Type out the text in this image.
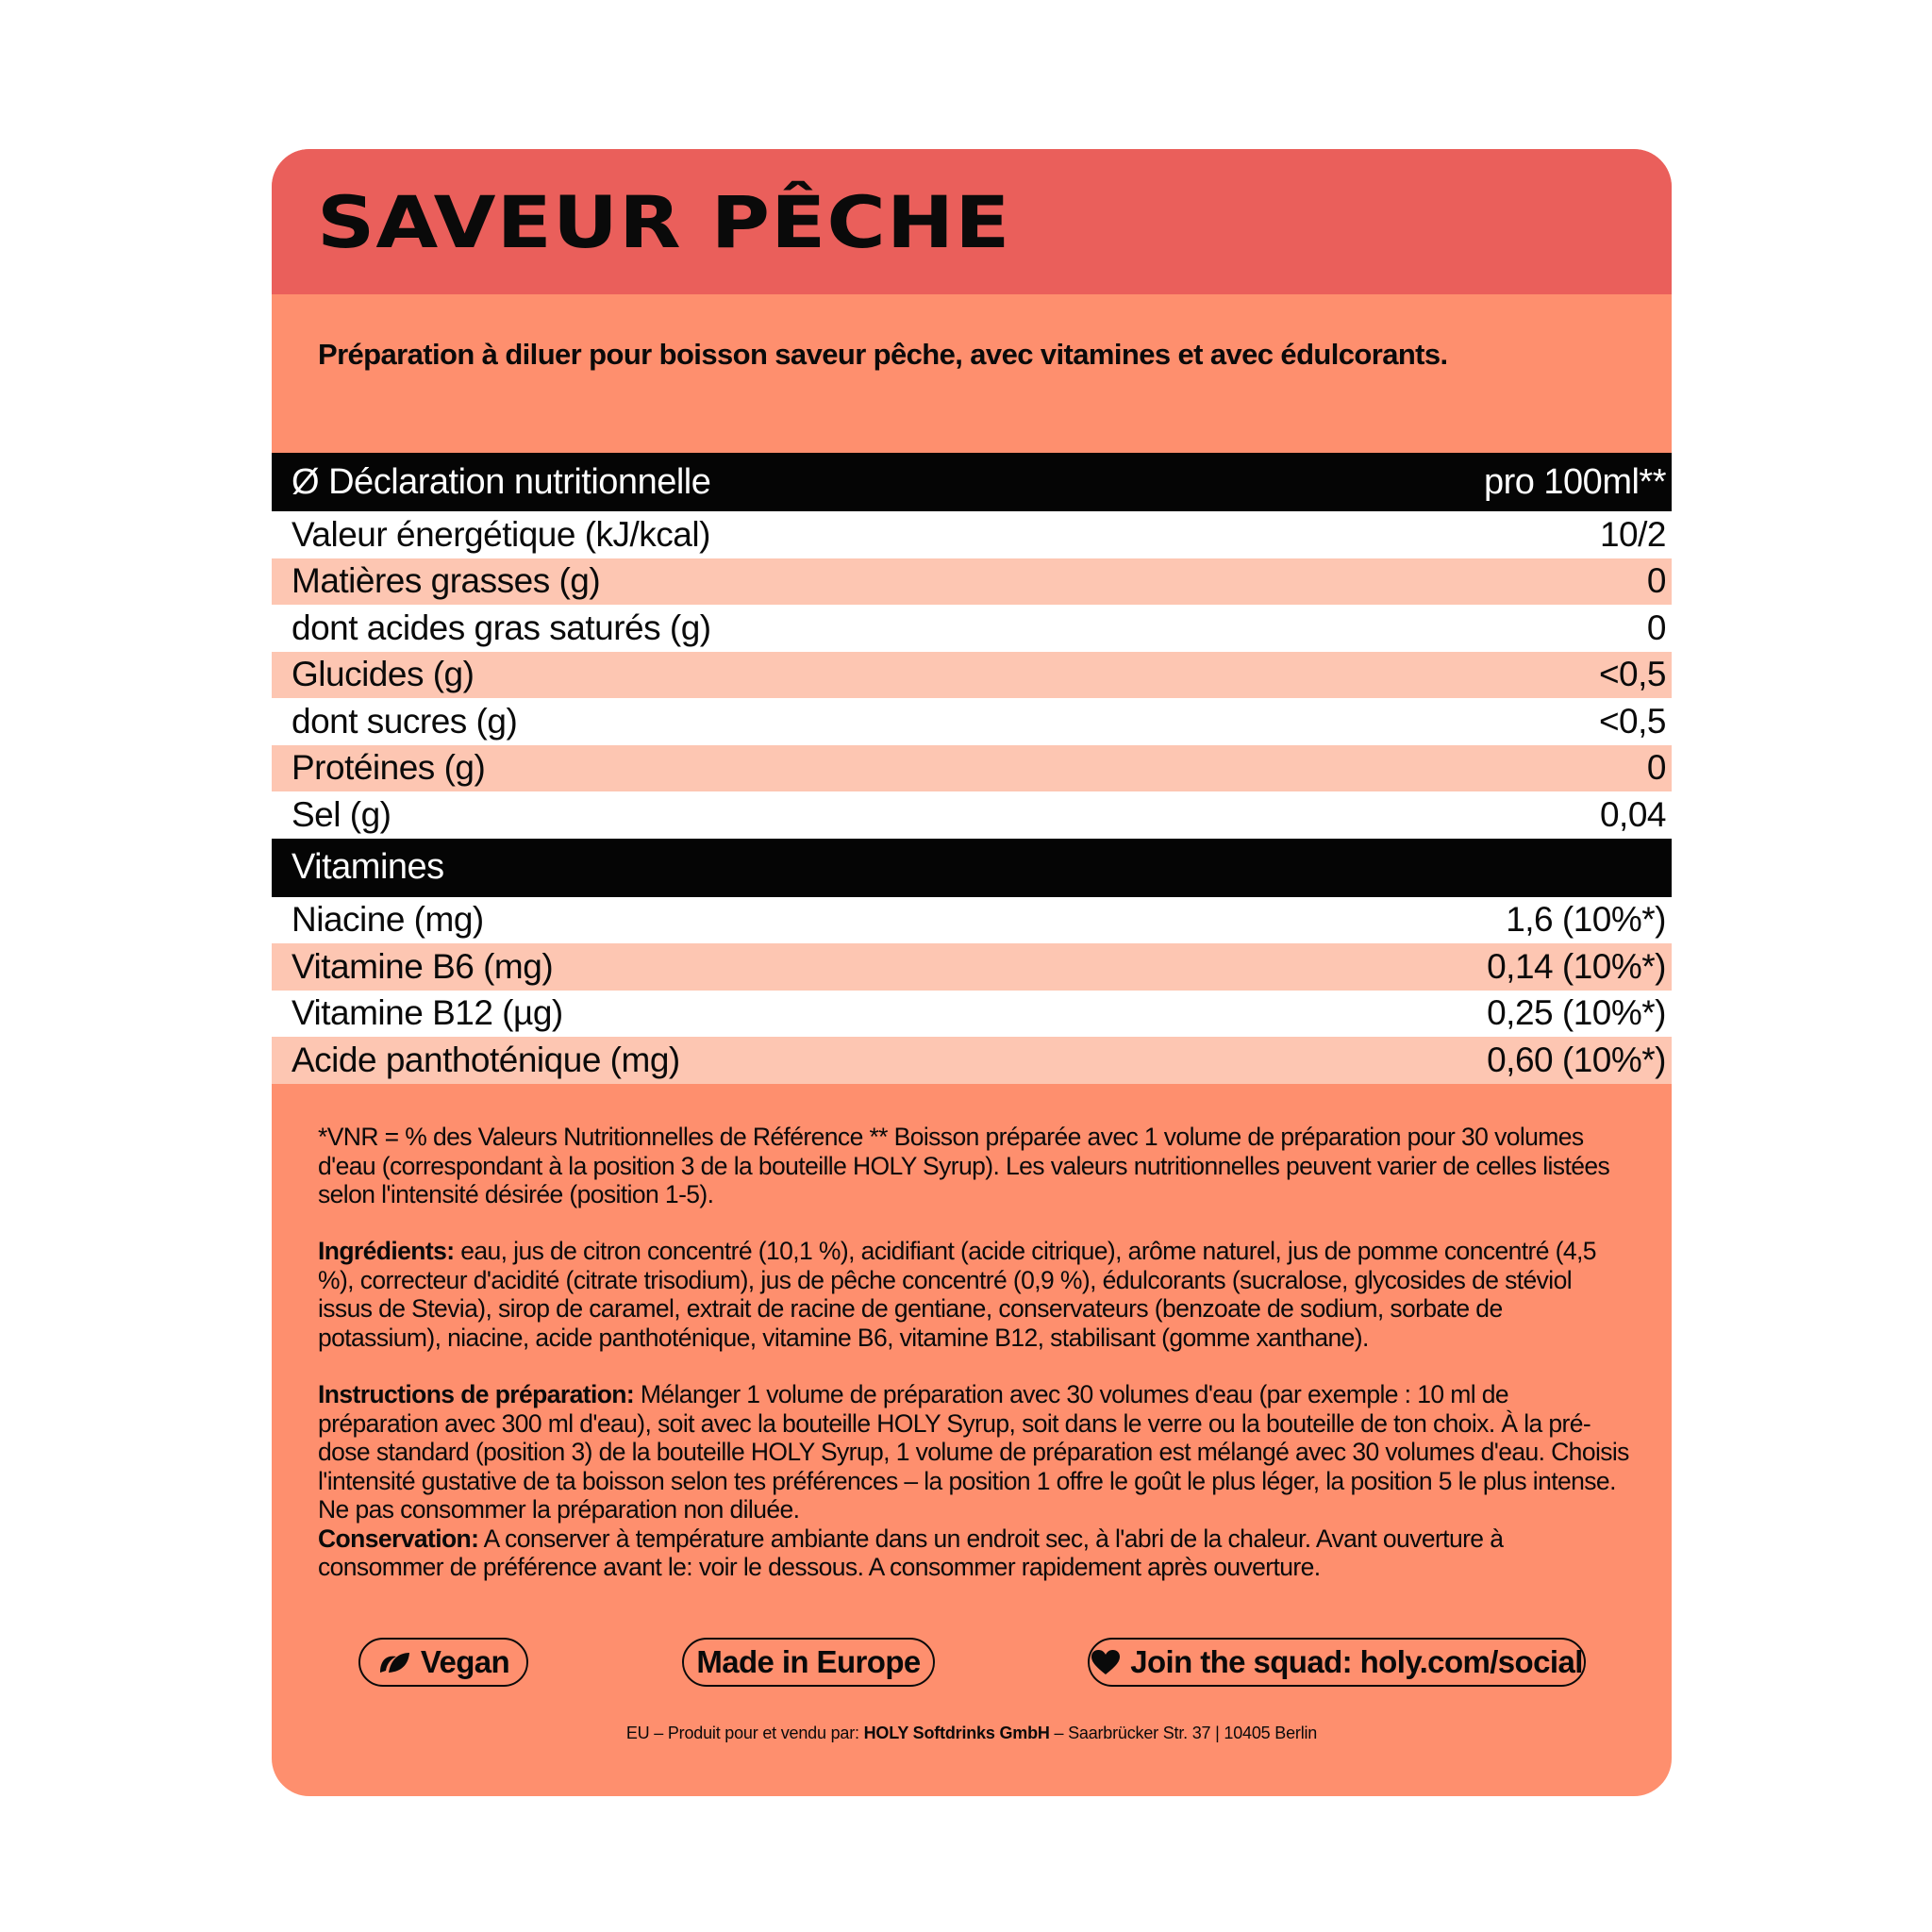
SAVEUR PÊCHE
Préparation à diluer pour boisson saveur pêche, avec vitamines et avec édulcorants.
Ø Déclaration nutritionnelle	pro 100ml**
Valeur énergétique (kJ/kcal)	10/2
Matières grasses (g)	0
dont acides gras saturés (g)	0
Glucides (g)	<0,5
dont sucres (g)	<0,5
Protéines (g)	0
Sel (g)	0,04
Vitamines
Niacine (mg)	1,6 (10%*)
Vitamine B6 (mg)	0,14 (10%*)
Vitamine B12 (µg)	0,25 (10%*)
Acide panthoténique (mg)	0,60 (10%*)
*VNR = % des Valeurs Nutritionnelles de Référence ** Boisson préparée avec 1 volume de préparation pour 30 volumes d'eau (correspondant à la position 3 de la bouteille HOLY Syrup). Les valeurs nutritionnelles peuvent varier de celles listées selon l'intensité désirée (position 1-5).
Ingrédients: eau, jus de citron concentré (10,1 %), acidifiant (acide citrique), arôme naturel, jus de pomme concentré (4,5 %), correcteur d'acidité (citrate trisodium), jus de pêche concentré (0,9 %), édulcorants (sucralose, glycosides de stéviol issus de Stevia), sirop de caramel, extrait de racine de gentiane, conservateurs (benzoate de sodium, sorbate de potassium), niacine, acide panthoténique, vitamine B6, vitamine B12, stabilisant (gomme xanthane).
Instructions de préparation: Mélanger 1 volume de préparation avec 30 volumes d'eau (par exemple : 10 ml de préparation avec 300 ml d'eau), soit avec la bouteille HOLY Syrup, soit dans le verre ou la bouteille de ton choix. À la pré-dose standard (position 3) de la bouteille HOLY Syrup, 1 volume de préparation est mélangé avec 30 volumes d'eau. Choisis l'intensité gustative de ta boisson selon tes préférences – la position 1 offre le goût le plus léger, la position 5 le plus intense. Ne pas consommer la préparation non diluée.
Conservation: A conserver à température ambiante dans un endroit sec, à l'abri de la chaleur. Avant ouverture à consommer de préférence avant le: voir le dessous. A consommer rapidement après ouverture.
Vegan	Made in Europe	Join the squad: holy.com/social
EU – Produit pour et vendu par: HOLY Softdrinks GmbH – Saarbrücker Str. 37 | 10405 Berlin
